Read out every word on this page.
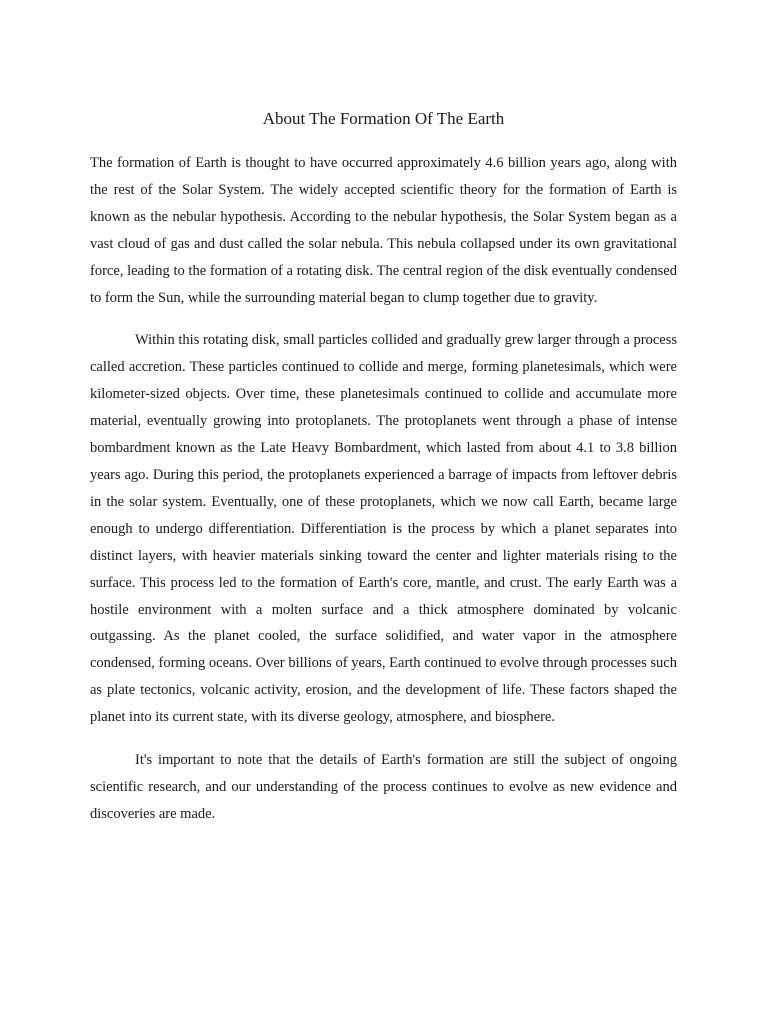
About The Formation Of The Earth

The formation of Earth is thought to have occurred approximately 4.6 billion years ago, along with the rest of the Solar System. The widely accepted scientific theory for the formation of Earth is known as the nebular hypothesis. According to the nebular hypothesis, the Solar System began as a vast cloud of gas and dust called the solar nebula. This nebula collapsed under its own gravitational force, leading to the formation of a rotating disk. The central region of the disk eventually condensed to form the Sun, while the surrounding material began to clump together due to gravity.

Within this rotating disk, small particles collided and gradually grew larger through a process called accretion. These particles continued to collide and merge, forming planetesimals, which were kilometer-sized objects. Over time, these planetesimals continued to collide and accumulate more material, eventually growing into protoplanets. The protoplanets went through a phase of intense bombardment known as the Late Heavy Bombardment, which lasted from about 4.1 to 3.8 billion years ago. During this period, the protoplanets experienced a barrage of impacts from leftover debris in the solar system. Eventually, one of these protoplanets, which we now call Earth, became large enough to undergo differentiation. Differentiation is the process by which a planet separates into distinct layers, with heavier materials sinking toward the center and lighter materials rising to the surface. This process led to the formation of Earth's core, mantle, and crust. The early Earth was a hostile environment with a molten surface and a thick atmosphere dominated by volcanic outgassing. As the planet cooled, the surface solidified, and water vapor in the atmosphere condensed, forming oceans. Over billions of years, Earth continued to evolve through processes such as plate tectonics, volcanic activity, erosion, and the development of life. These factors shaped the planet into its current state, with its diverse geology, atmosphere, and biosphere.

It's important to note that the details of Earth's formation are still the subject of ongoing scientific research, and our understanding of the process continues to evolve as new evidence and discoveries are made.
